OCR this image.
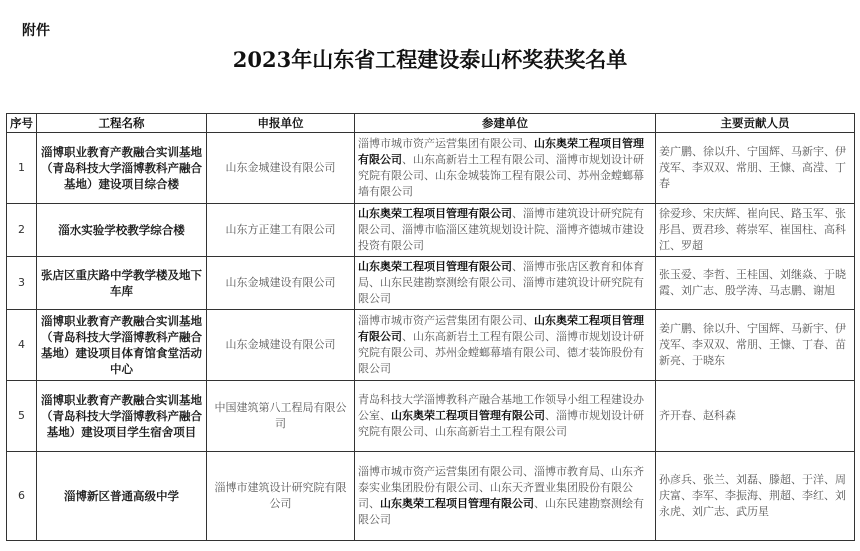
附件
2023年山东省工程建设泰山杯奖获奖名单
序号	工程名称	申报单位	参建单位	主要贡献人员
1	淄博职业教育产教融合实训基地（青岛科技大学淄博教科产融合基地）建设项目综合楼	山东金城建设有限公司	淄博市城市资产运营集团有限公司、山东奥荣工程项目管理有限公司、山东高新岩土工程有限公司、淄博市规划设计研究院有限公司、山东金城装饰工程有限公司、苏州金螳螂幕墙有限公司	姜广鹏、徐以升、宁国辉、马新宇、伊茂军、李双双、常朋、王慷、高滢、丁春
2	淄水实验学校教学综合楼	山东方正建工有限公司	山东奥荣工程项目管理有限公司、淄博市建筑设计研究院有限公司、淄博市临淄区建筑规划设计院、淄博齐德城市建设投资有限公司	徐爱珍、宋庆辉、崔向民、路玉军、张彤昌、贾君珍、蒋崇军、崔国柱、高科江、罗超
3	张店区重庆路中学教学楼及地下车库	山东金城建设有限公司	山东奥荣工程项目管理有限公司、淄博市张店区教育和体育局、山东民建勘察测绘有限公司、淄博市建筑设计研究院有限公司	张玉爱、李哲、王桂国、刘继焱、于晓霞、刘广志、殷学涛、马志鹏、谢旭
4	淄博职业教育产教融合实训基地（青岛科技大学淄博教科产融合基地）建设项目体育馆食堂活动中心	山东金城建设有限公司	淄博市城市资产运营集团有限公司、山东奥荣工程项目管理有限公司、山东高新岩土工程有限公司、淄博市规划设计研究院有限公司、苏州金螳螂幕墙有限公司、德才装饰股份有限公司	姜广鹏、徐以升、宁国辉、马新宇、伊茂军、李双双、常朋、王慷、丁春、苗新亮、于晓东
5	淄博职业教育产教融合实训基地（青岛科技大学淄博教科产融合基地）建设项目学生宿舍项目	中国建筑第八工程局有限公司	青岛科技大学淄博教科产融合基地工作领导小组工程建设办公室、山东奥荣工程项目管理有限公司、淄博市规划设计研究院有限公司、山东高新岩土工程有限公司	齐开春、赵科森
6	淄博新区普通高级中学	淄博市建筑设计研究院有限公司	淄博市城市资产运营集团有限公司、淄博市教育局、山东齐泰实业集团股份有限公司、山东天齐置业集团股份有限公司、山东奥荣工程项目管理有限公司、山东民建勘察测绘有限公司	孙彦兵、张兰、刘磊、滕超、于洋、周庆富、李军、李振海、荆超、李红、刘永虎、刘广志、武历星
